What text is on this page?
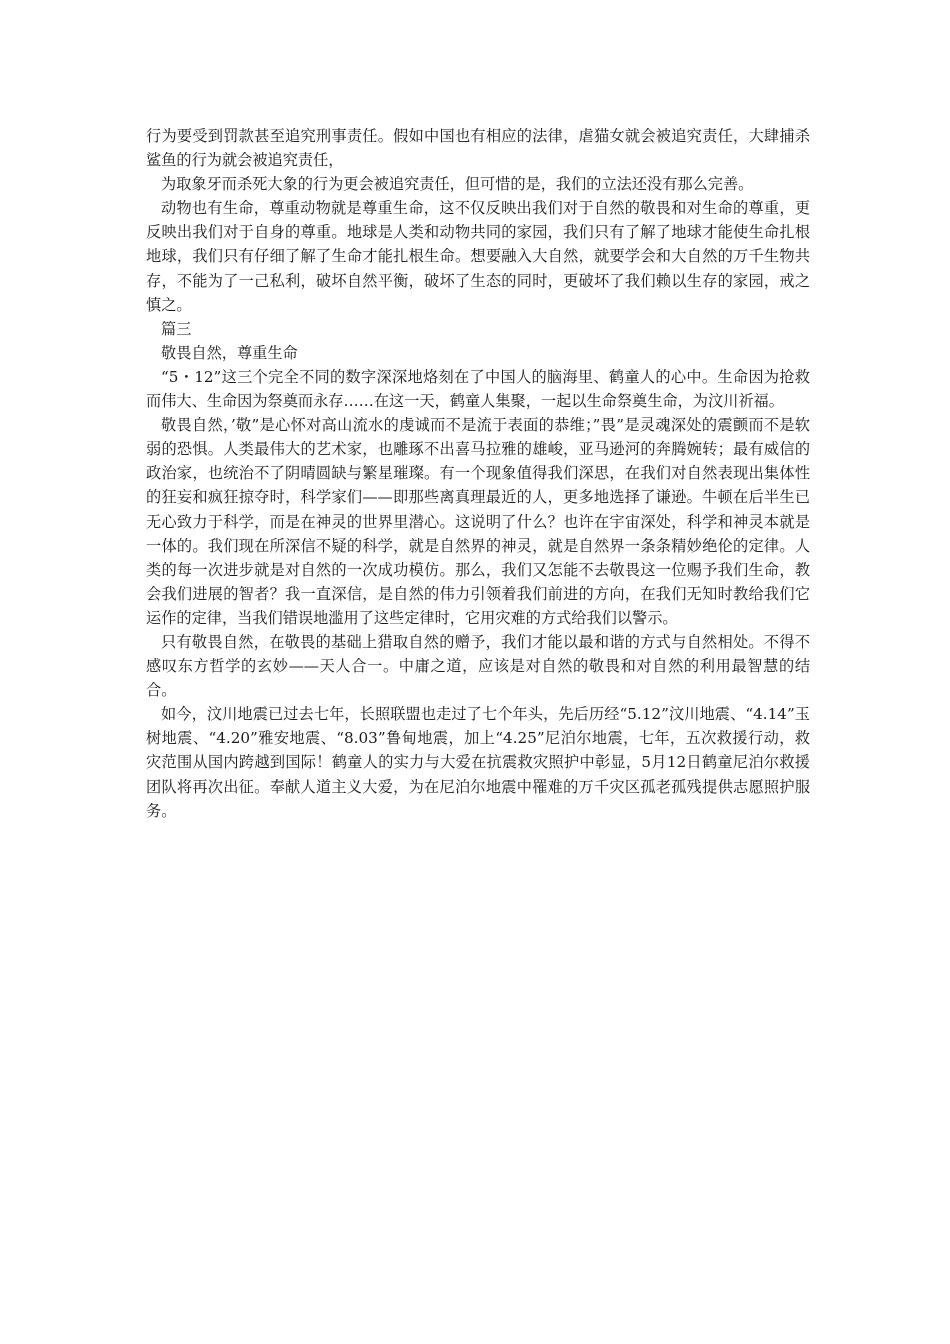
行为要受到罚款甚至追究刑事责任。假如中国也有相应的法律，虐猫女就会被追究责任，大肆捕杀鲨鱼的行为就会被追究责任，

为取象牙而杀死大象的行为更会被追究责任，但可惜的是，我们的立法还没有那么完善。

动物也有生命，尊重动物就是尊重生命，这不仅反映出我们对于自然的敬畏和对生命的尊重，更反映出我们对于自身的尊重。地球是人类和动物共同的家园，我们只有了解了地球才能使生命扎根地球，我们只有仔细了解了生命才能扎根生命。想要融入大自然，就要学会和大自然的万千生物共存，不能为了一己私利，破坏自然平衡，破坏了生态的同时，更破坏了我们赖以生存的家园，戒之慎之。

篇三

敬畏自然，尊重生命

“5・12”这三个完全不同的数字深深地烙刻在了中国人的脑海里、鹤童人的心中。生命因为抢救而伟大、生命因为祭奠而永存……在这一天，鹤童人集聚，一起以生命祭奠生命，为汶川祈福。

敬畏自然，’敬”是心怀对高山流水的虔诚而不是流于表面的恭维；”畏”是灵魂深处的震颤而不是软弱的恐惧。人类最伟大的艺术家，也雕琢不出喜马拉雅的雄峻，亚马逊河的奔腾婉转；最有威信的政治家，也统治不了阴晴圆缺与繁星璀璨。有一个现象值得我们深思，在我们对自然表现出集体性的狂妄和疯狂掠夺时，科学家们——即那些离真理最近的人，更多地选择了谦逊。牛顿在后半生已无心致力于科学，而是在神灵的世界里潜心。这说明了什么？也许在宇宙深处，科学和神灵本就是一体的。我们现在所深信不疑的科学，就是自然界的神灵，就是自然界一条条精妙绝伦的定律。人类的每一次进步就是对自然的一次成功模仿。那么，我们又怎能不去敬畏这一位赐予我们生命，教会我们进展的智者？我一直深信，是自然的伟力引领着我们前进的方向，在我们无知时教给我们它运作的定律，当我们错误地滥用了这些定律时，它用灾难的方式给我们以警示。

只有敬畏自然，在敬畏的基础上猎取自然的赠予，我们才能以最和谐的方式与自然相处。不得不感叹东方哲学的玄妙——天人合一。中庸之道，应该是对自然的敬畏和对自然的利用最智慧的结合。

如今，汶川地震已过去七年，长照联盟也走过了七个年头，先后历经“5.12”汶川地震、“4.14”玉树地震、“4.20”雅安地震、“8.03”鲁甸地震，加上“4.25”尼泊尔地震，七年，五次救援行动，救灾范围从国内跨越到国际！鹤童人的实力与大爱在抗震救灾照护中彰显，5月12日鹤童尼泊尔救援团队将再次出征。奉献人道主义大爱，为在尼泊尔地震中罹难的万千灾区孤老孤残提供志愿照护服务。
